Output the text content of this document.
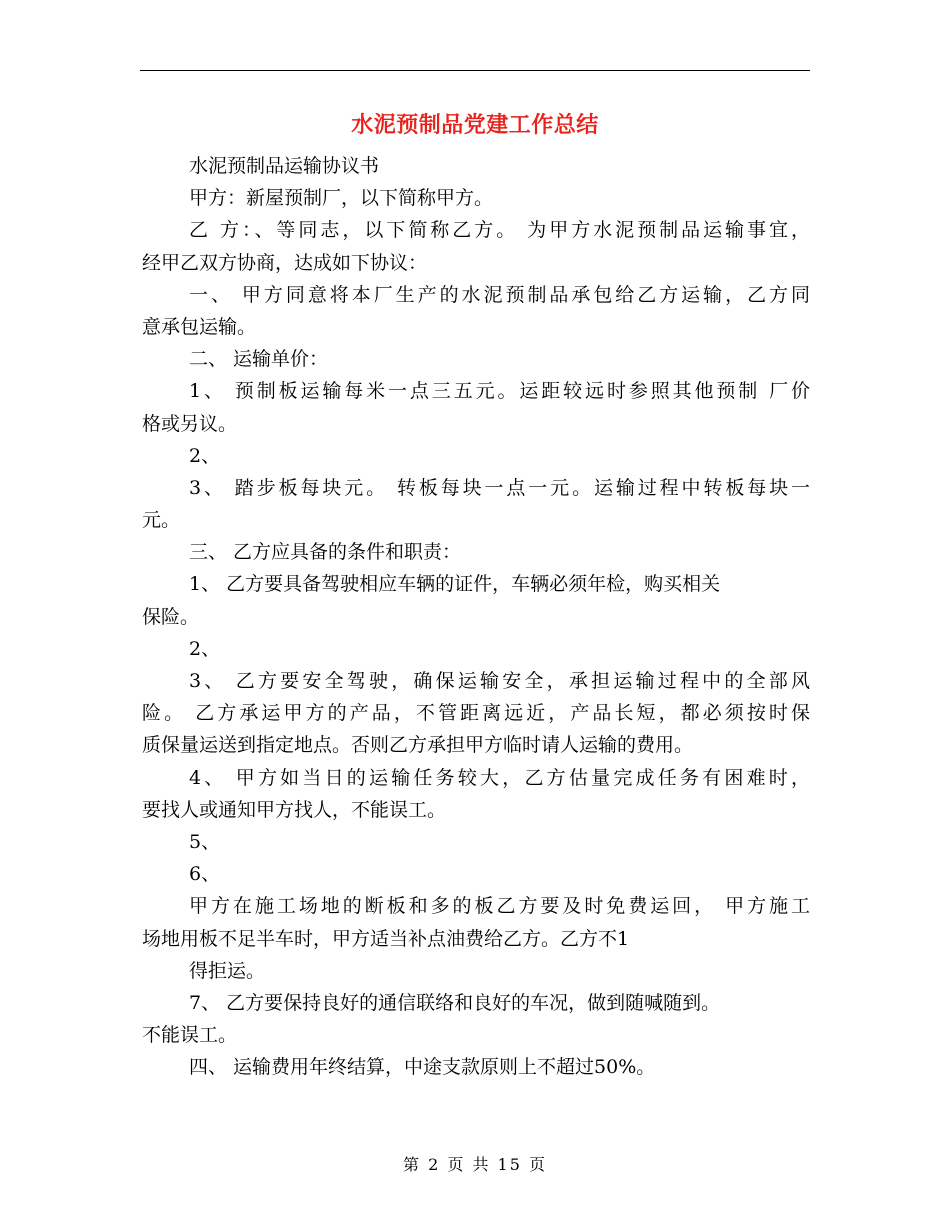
水泥预制品党建工作总结
水泥预制品运输协议书
甲方：新屋预制厂，以下简称甲方。
乙 方：、等同志，以下简称乙方。 为甲方水泥预制品运输事宜，
经甲乙双方协商，达成如下协议：
一、 甲方同意将本厂生产的水泥预制品承包给乙方运输，乙方同
意承包运输。
二、 运输单价：
1、 预制板运输每米一点三五元。运距较远时参照其他预制 厂价
格或另议。
2、
3、 踏步板每块元。 转板每块一点一元。运输过程中转板每块一
元。
三、 乙方应具备的条件和职责：
1、 乙方要具备驾驶相应车辆的证件，车辆必须年检，购买相关
保险。
2、
3、 乙方要安全驾驶，确保运输安全，承担运输过程中的全部风
险。 乙方承运甲方的产品，不管距离远近，产品长短，都必须按时保
质保量运送到指定地点。否则乙方承担甲方临时请人运输的费用。
4、 甲方如当日的运输任务较大，乙方估量完成任务有困难时，
要找人或通知甲方找人，不能误工。
5、
6、
甲方在施工场地的断板和多的板乙方要及时免费运回， 甲方施工
场地用板不足半车时，甲方适当补点油费给乙方。乙方不1
得拒运。
7、 乙方要保持良好的通信联络和良好的车况，做到随喊随到。
不能误工。
四、 运输费用年终结算，中途支款原则上不超过50%。
第 2 页 共 15 页
